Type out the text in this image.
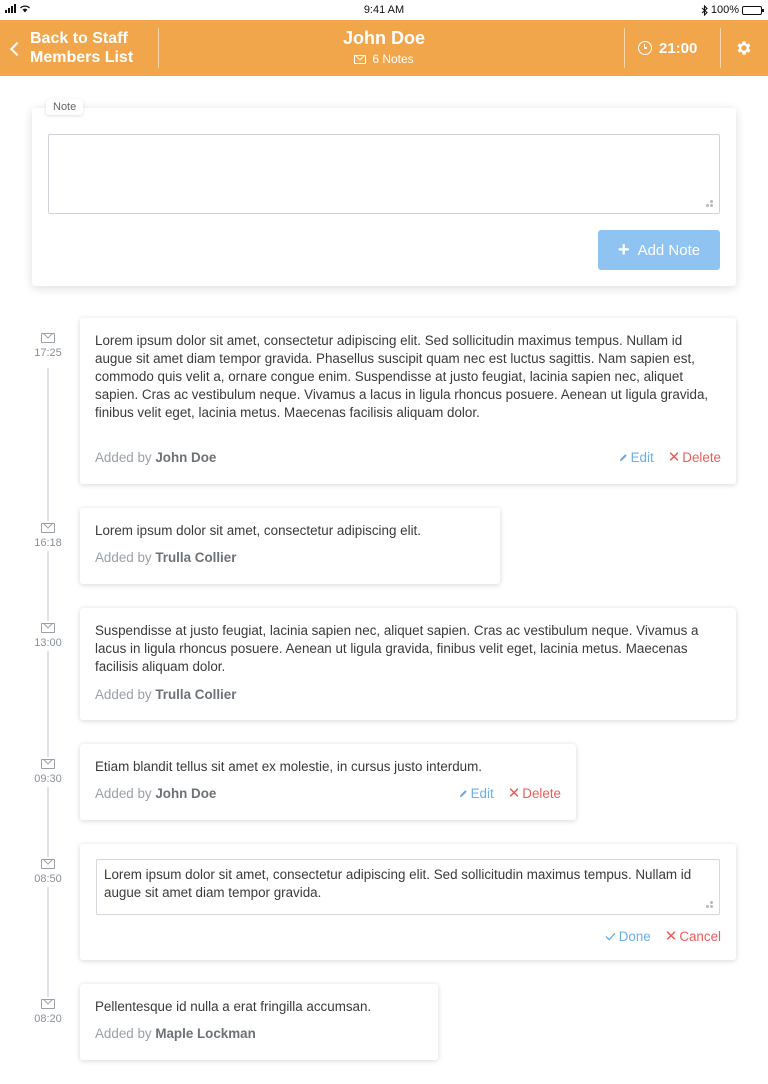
9:41 AM	100%
Back to Staff Members List
John Doe
6 Notes
21:00
Note
+ Add Note
17:25
Lorem ipsum dolor sit amet, consectetur adipiscing elit. Sed sollicitudin maximus tempus. Nullam id augue sit amet diam tempor gravida. Phasellus suscipit quam nec est luctus sagittis. Nam sapien est, commodo quis velit a, ornare congue enim. Suspendisse at justo feugiat, lacinia sapien nec, aliquet sapien. Cras ac vestibulum neque. Vivamus a lacus in ligula rhoncus posuere. Aenean ut ligula gravida, finibus velit eget, lacinia metus. Maecenas facilisis aliquam dolor.
Added by John Doe	Edit ✕ Delete
16:18
Lorem ipsum dolor sit amet, consectetur adipiscing elit.
Added by Trulla Collier
13:00
Suspendisse at justo feugiat, lacinia sapien nec, aliquet sapien. Cras ac vestibulum neque. Vivamus a lacus in ligula rhoncus posuere. Aenean ut ligula gravida, finibus velit eget, lacinia metus. Maecenas facilisis aliquam dolor.
Added by Trulla Collier
09:30
Etiam blandit tellus sit amet ex molestie, in cursus justo interdum.
Added by John Doe	Edit ✕ Delete
08:50	Lorem ipsum dolor sit amet, consectetur adipiscing elit. Sed sollicitudin maximus tempus. Nullam id augue sit amet diam tempor gravida.
Done ✕ Cancel
08:20
Pellentesque id nulla a erat fringilla accumsan.
Added by Maple Lockman
